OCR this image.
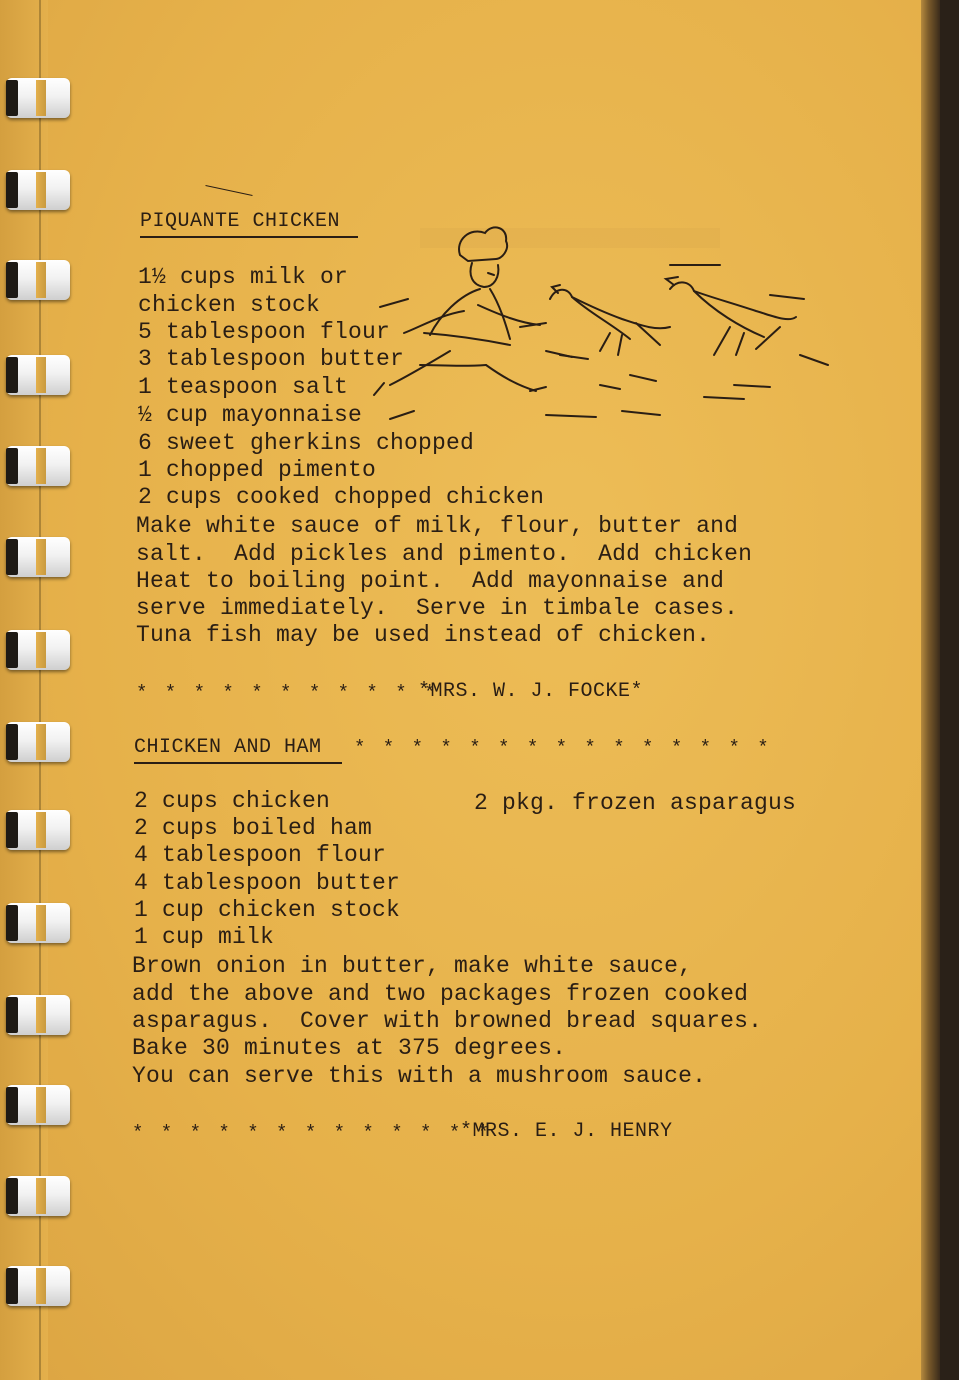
PIQUANTE CHICKEN
1½ cups milk or
chicken stock
5 tablespoon flour
3 tablespoon butter
1 teaspoon salt
½ cup mayonnaise
6 sweet gherkins chopped
1 chopped pimento
2 cups cooked chopped chicken
Make white sauce of milk, flour, butter and
salt.  Add pickles and pimento.  Add chicken
Heat to boiling point.  Add mayonnaise and
serve immediately.  Serve in timbale cases.
Tuna fish may be used instead of chicken.
* * * * * * * * * * *
*MRS. W. J. FOCKE*
CHICKEN AND HAM * * * * * * * * * * * * * * *
2 cups chicken	2 pkg. frozen asparagus
2 cups boiled ham
4 tablespoon flour
4 tablespoon butter
1 cup chicken stock
1 cup milk
Brown onion in butter, make white sauce,
add the above and two packages frozen cooked
asparagus.  Cover with browned bread squares.
Bake 30 minutes at 375 degrees.
You can serve this with a mushroom sauce.
* * * * * * * * * * * * *
*MRS. E. J. HENRY
